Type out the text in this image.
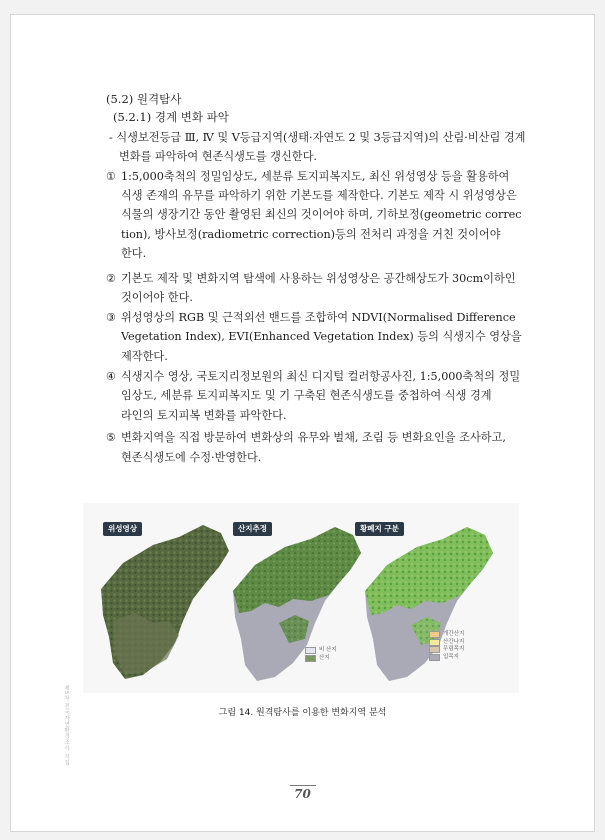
(5.2) 원격탐사
(5.2.1) 경계 변화 파악
- 식생보전등급 Ⅲ, Ⅳ 및 Ⅴ등급지역(생태·자연도 2 및 3등급지역)의 산림·비산림 경계
변화를 파악하여 현존식생도를 갱신한다.
① 1:5,000축척의 정밀임상도, 세분류 토지피복지도, 최신 위성영상 등을 활용하여
식생 존재의 유무를 파악하기 위한 기본도를 제작한다. 기본도 제작 시 위성영상은
식물의 생장기간 동안 촬영된 최신의 것이어야 하며, 기하보정(geometric correc
tion), 방사보정(radiometric correction)등의 전처리 과정을 거친 것이어야
한다.
② 기본도 제작 및 변화지역 탐색에 사용하는 위성영상은 공간해상도가 30cm이하인
것이어야 한다.
③ 위성영상의 RGB 및 근적외선 밴드를 조합하여 NDVI(Normalised Difference
Vegetation Index), EVI(Enhanced Vegetation Index) 등의 식생지수 영상을
제작한다.
④ 식생지수 영상, 국토지리정보원의 최신 디지털 컬러항공사진, 1:5,000축척의 정밀
임상도, 세분류 토지피복지도 및 기 구축된 현존식생도를 중첩하여 식생 경계
라인의 토지피복 변화를 파악한다.
⑤ 변화지역을 직접 방문하여 변화상의 유무와 벌채, 조림 등 변화요인을 조사하고,
현존식생도에 수정·반영한다.
위성영상	산지추정	황폐지 구분
비 산지
산지
개간산지
산간나지
무림목지
입목지
그림 14. 원격탐사를 이용한 변화지역 분석
제5차 전국자연환경조사 지침
70
